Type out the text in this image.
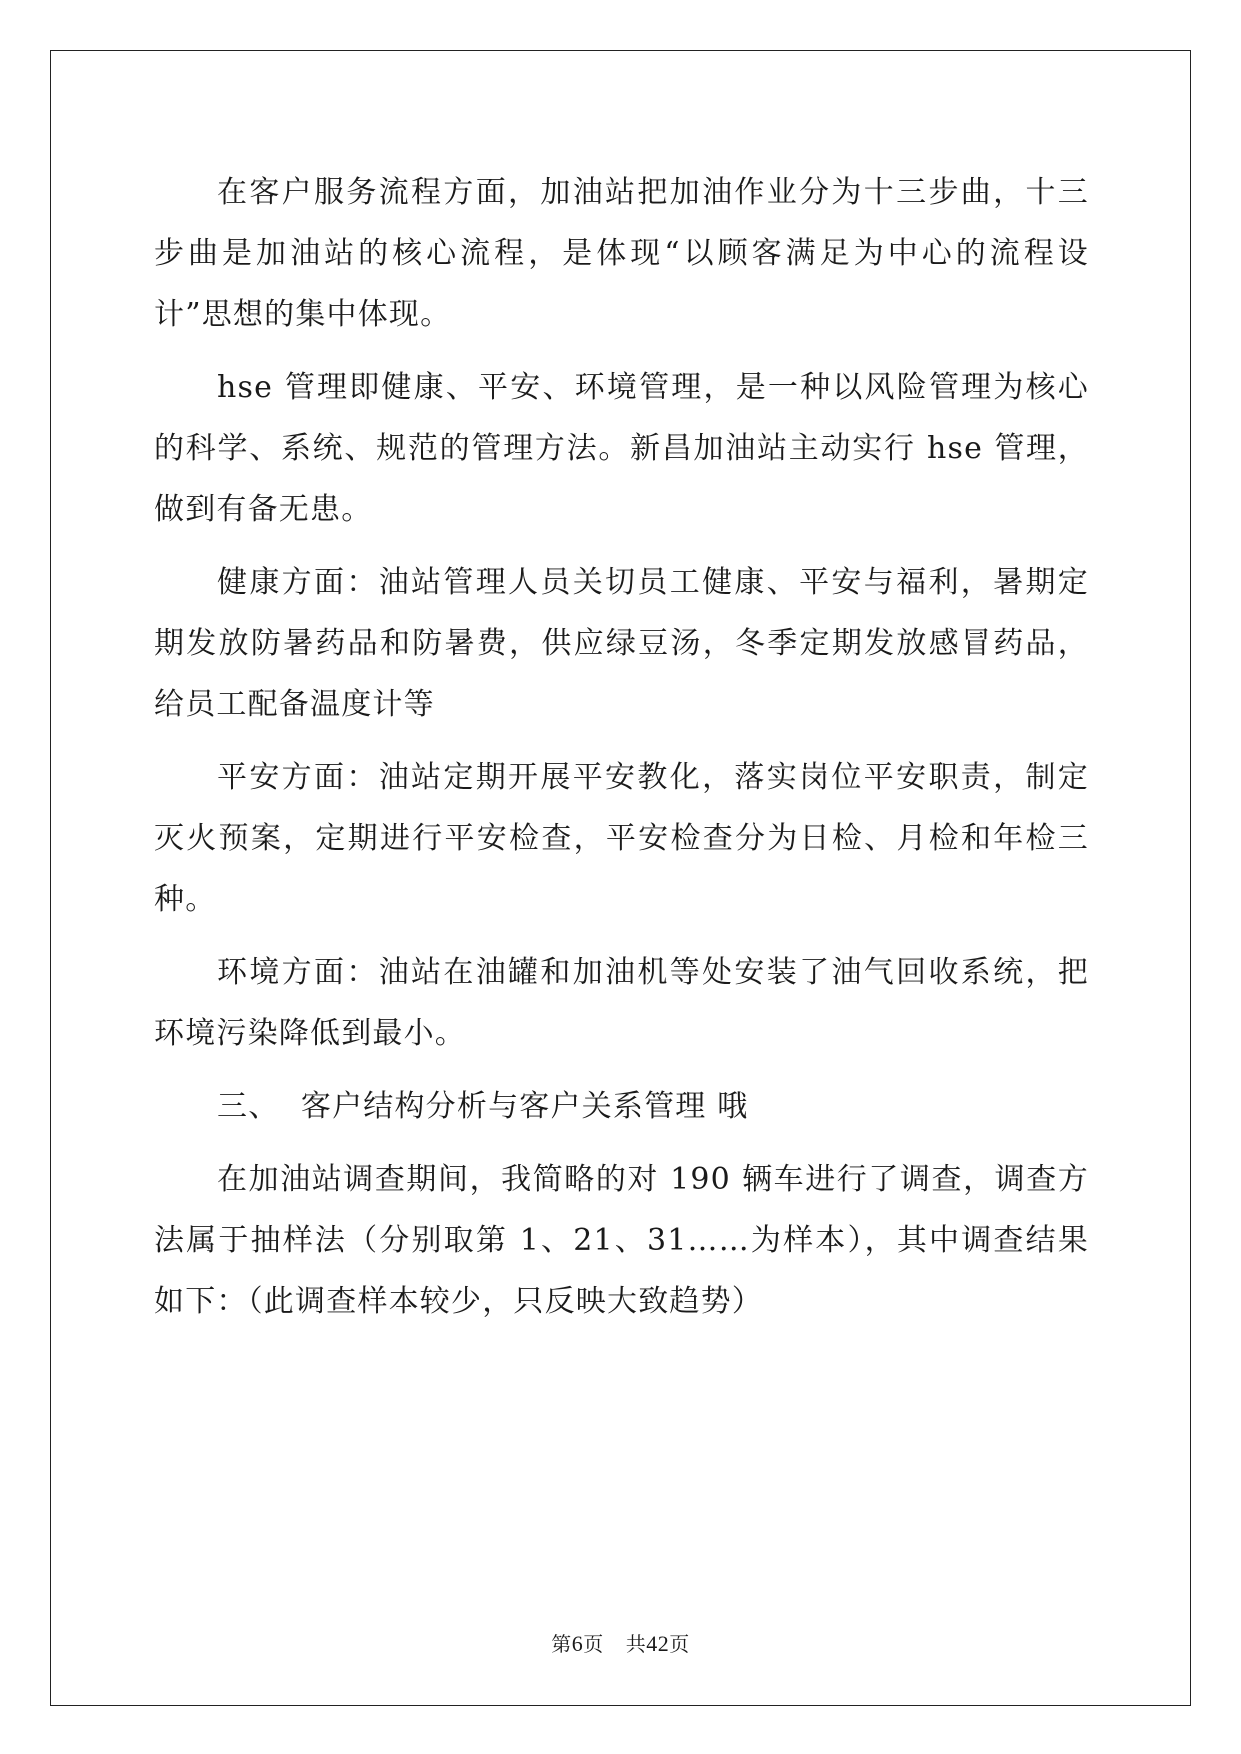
在客户服务流程方面，加油站把加油作业分为十三步曲，十三步曲是加油站的核心流程，是体现“以顾客满足为中心的流程设计”思想的集中体现。

hse 管理即健康、平安、环境管理，是一种以风险管理为核心的科学、系统、规范的管理方法。新昌加油站主动实行 hse 管理，做到有备无患。

健康方面：油站管理人员关切员工健康、平安与福利，暑期定期发放防暑药品和防暑费，供应绿豆汤，冬季定期发放感冒药品，给员工配备温度计等

平安方面：油站定期开展平安教化，落实岗位平安职责，制定灭火预案，定期进行平安检查，平安检查分为日检、月检和年检三种。

环境方面：油站在油罐和加油机等处安装了油气回收系统，把环境污染降低到最小。

三、  客户结构分析与客户关系管理 哦

在加油站调查期间，我简略的对 190 辆车进行了调查，调查方法属于抽样法（分别取第 1、21、31……为样本），其中调查结果如下：（此调查样本较少，只反映大致趋势）

第6页 共42页
